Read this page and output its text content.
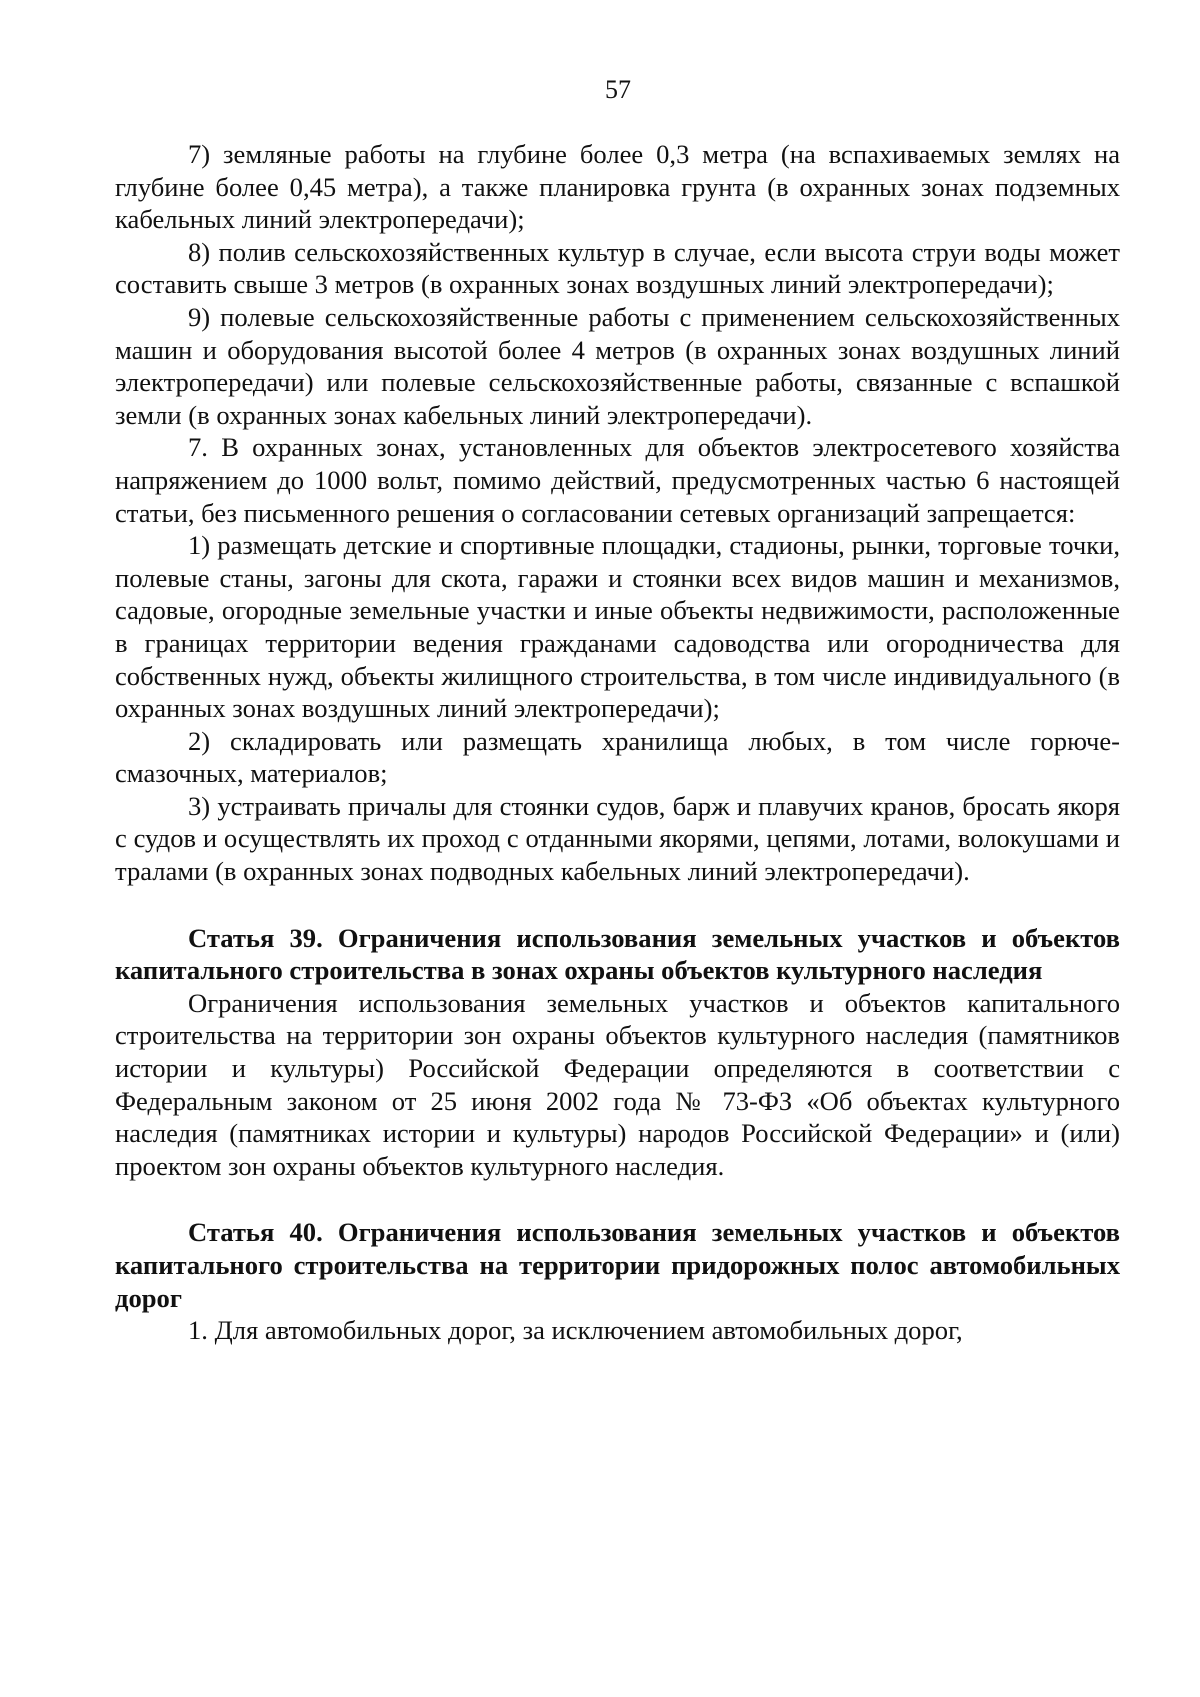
57

7) земляные работы на глубине более 0,3 метра (на вспахиваемых землях на глубине более 0,45 метра), а также планировка грунта (в охранных зонах подземных кабельных линий электропередачи);

8) полив сельскохозяйственных культур в случае, если высота струи воды может составить свыше 3 метров (в охранных зонах воздушных линий электропередачи);

9) полевые сельскохозяйственные работы с применением сельскохозяйственных машин и оборудования высотой более 4 метров (в охранных зонах воздушных линий электропередачи) или полевые сельскохозяйственные работы, связанные с вспашкой земли (в охранных зонах кабельных линий электропередачи).

7. В охранных зонах, установленных для объектов электросетевого хозяйства напряжением до 1000 вольт, помимо действий, предусмотренных частью 6 настоящей статьи, без письменного решения о согласовании сетевых организаций запрещается:

1) размещать детские и спортивные площадки, стадионы, рынки, торговые точки, полевые станы, загоны для скота, гаражи и стоянки всех видов машин и механизмов, садовые, огородные земельные участки и иные объекты недвижимости, расположенные в границах территории ведения гражданами садоводства или огородничества для собственных нужд, объекты жилищного строительства, в том числе индивидуального (в охранных зонах воздушных линий электропередачи);

2) складировать или размещать хранилища любых, в том числе горюче-смазочных, материалов;

3) устраивать причалы для стоянки судов, барж и плавучих кранов, бросать якоря с судов и осуществлять их проход с отданными якорями, цепями, лотами, волокушами и тралами (в охранных зонах подводных кабельных линий электропередачи).

Статья 39. Ограничения использования земельных участков и объектов капитального строительства в зонах охраны объектов культурного наследия

Ограничения использования земельных участков и объектов капитального строительства на территории зон охраны объектов культурного наследия (памятников истории и культуры) Российской Федерации определяются в соответствии с Федеральным законом от 25 июня 2002 года № 73-ФЗ «Об объектах культурного наследия (памятниках истории и культуры) народов Российской Федерации» и (или) проектом зон охраны объектов культурного наследия.

Статья 40. Ограничения использования земельных участков и объектов капитального строительства на территории придорожных полос автомобильных дорог

1. Для автомобильных дорог, за исключением автомобильных дорог,
